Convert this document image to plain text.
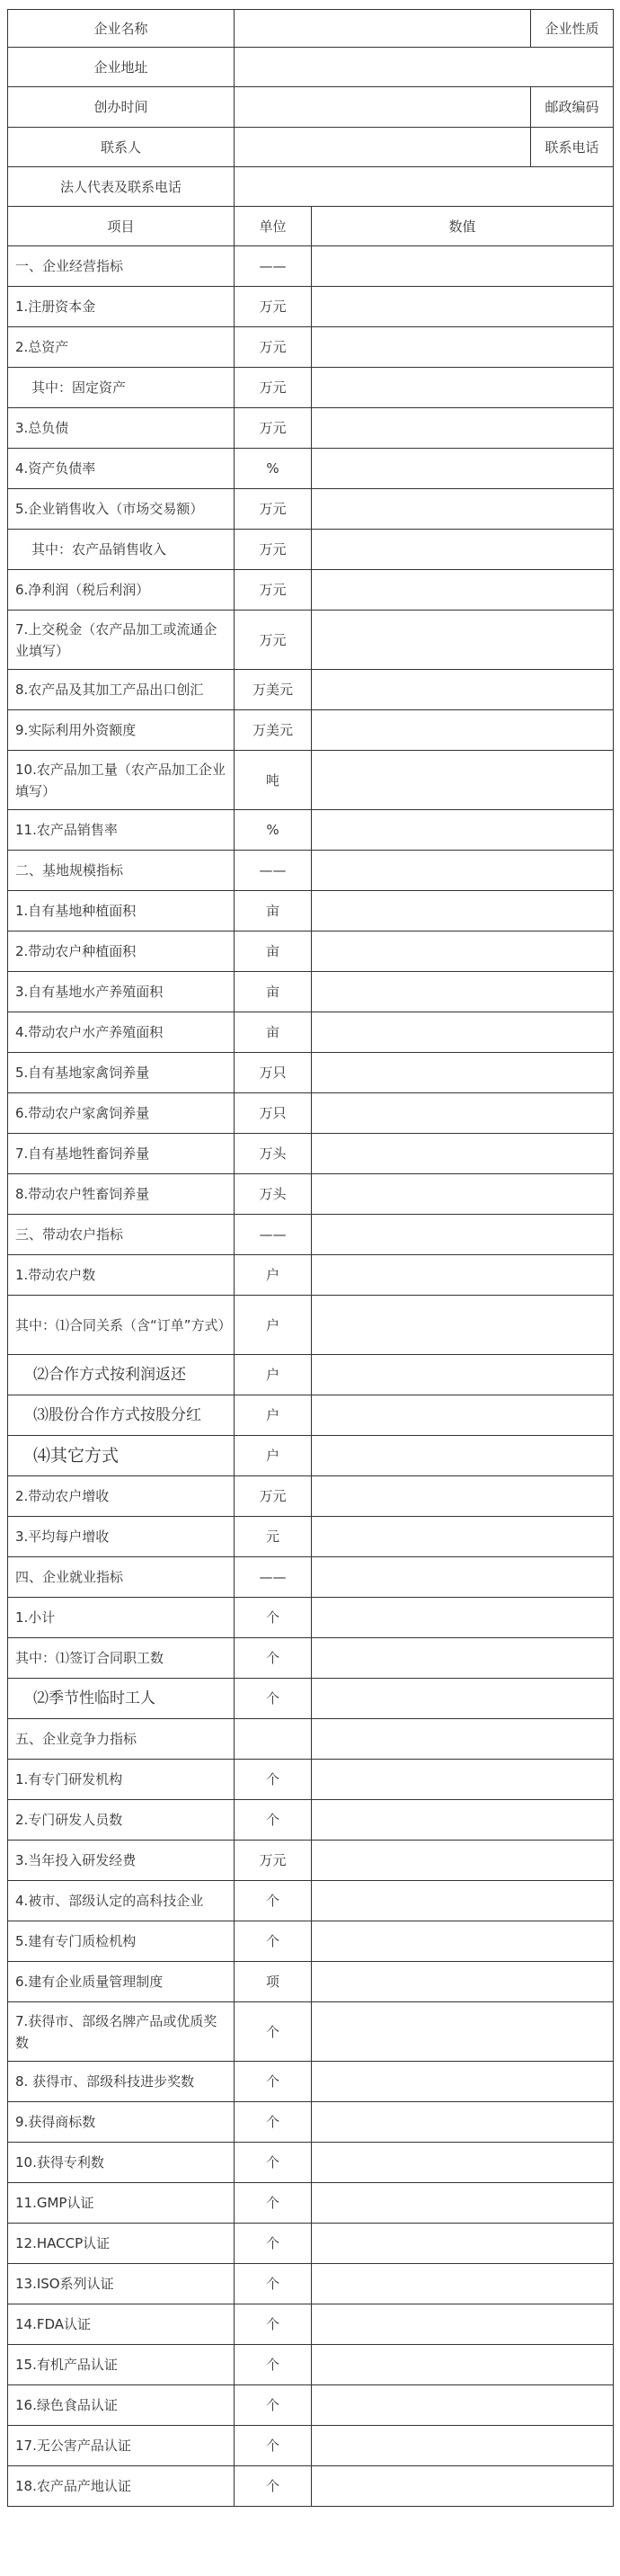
企业名称			企业性质
企业地址			
创办时间			邮政编码
联系人			联系电话
法人代表及联系电话			
项目	单位	数值	
一、企业经营指标	——		
1.注册资本金	万元		
2.总资产	万元		
其中：固定资产	万元		
3.总负债	万元		
4.资产负债率	%		
5.企业销售收入（市场交易额）	万元		
其中：农产品销售收入	万元		
6.净利润（税后利润）	万元		
7.上交税金（农产品加工或流通企业填写）	万元		
8.农产品及其加工产品出口创汇	万美元		
9.实际利用外资额度	万美元		
10.农产品加工量（农产品加工企业填写）	吨		
11.农产品销售率	%		
二、基地规模指标	——		
1.自有基地种植面积	亩		
2.带动农户种植面积	亩		
3.自有基地水产养殖面积	亩		
4.带动农户水产养殖面积	亩		
5.自有基地家禽饲养量	万只		
6.带动农户家禽饲养量	万只		
7.自有基地牲畜饲养量	万头		
8.带动农户牲畜饲养量	万头		
三、带动农户指标	——		
1.带动农户数	户		
其中：⑴合同关系（含“订单”方式）	户		
⑵合作方式按利润返还	户		
⑶股份合作方式按股分红	户		
⑷其它方式	户		
2.带动农户增收	万元		
3.平均每户增收	元		
四、企业就业指标	——		
1.小计	个		
其中：⑴签订合同职工数	个		
⑵季节性临时工人	个		
五、企业竞争力指标			
1.有专门研发机构	个		
2.专门研发人员数	个		
3.当年投入研发经费	万元		
4.被市、部级认定的高科技企业	个		
5.建有专门质检机构	个		
6.建有企业质量管理制度	项		
7.获得市、部级名牌产品或优质奖数	个		
8. 获得市、部级科技进步奖数	个		
9.获得商标数	个		
10.获得专利数	个		
11.GMP认证	个		
12.HACCP认证	个		
13.ISO系列认证	个		
14.FDA认证	个		
15.有机产品认证	个		
16.绿色食品认证	个		
17.无公害产品认证	个		
18.农产品产地认证	个		
